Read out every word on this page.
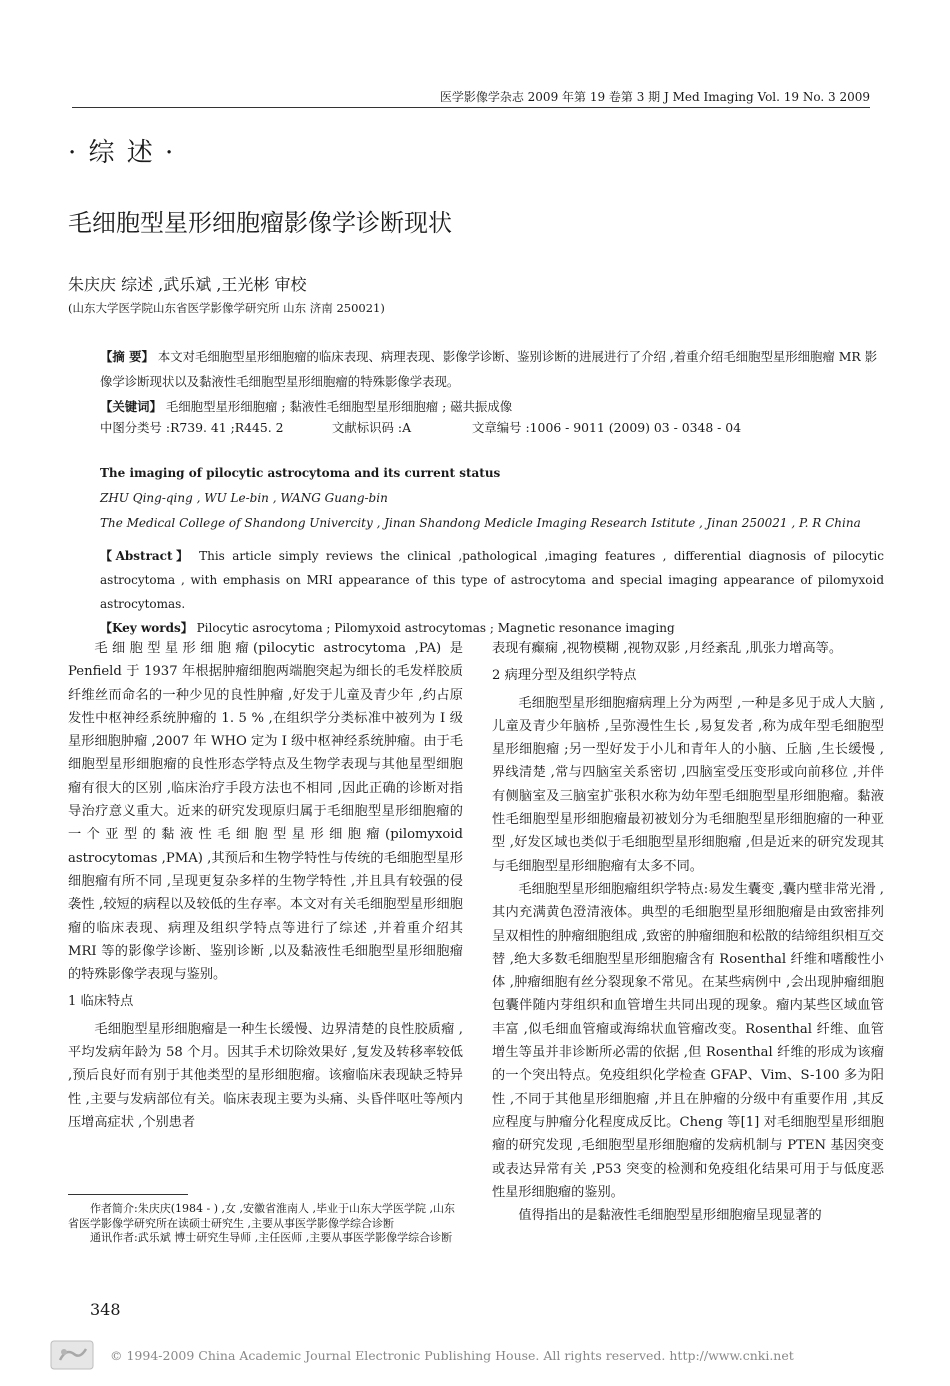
医学影像学杂志 2009 年第 19 卷第 3 期 J Med Imaging Vol. 19 No. 3 2009
· 综 述 ·
毛细胞型星形细胞瘤影像学诊断现状
朱庆庆 综述 ,武乐斌 ,王光彬 审校
(山东大学医学院山东省医学影像学研究所 山东 济南 250021)

【摘 要】 本文对毛细胞型星形细胞瘤的临床表现、病理表现、影像学诊断、鉴别诊断的进展进行了介绍 ,着重介绍毛细胞型星形细胞瘤 MR 影像学诊断现状以及黏液性毛细胞型星形细胞瘤的特殊影像学表现。

【关键词】 毛细胞型星形细胞瘤 ; 黏液性毛细胞型星形细胞瘤 ; 磁共振成像

中图分类号 :R739. 41 ;R445. 2	文献标识码 :A	文章编号 :1006 - 9011 (2009) 03 - 0348 - 04
The imaging of pilocytic astrocytoma and its current status
ZHU Qing-qing , WU Le-bin , WANG Guang-bin
The Medical College of Shandong Univercity , Jinan Shandong Medicle Imaging Research Istitute , Jinan 250021 , P. R China

【Abstract】 This article simply reviews the clinical ,pathological ,imaging features , differential diagnosis of pilocytic astrocytoma , with emphasis on MRI appearance of this type of astrocytoma and special imaging appearance of pilomyxoid astrocytomas.

【Key words】 Pilocytic asrocytoma ; Pilomyxoid astrocytomas ; Magnetic resonance imaging

毛细胞型星形细胞瘤(pilocytic astrocytoma ,PA) 是 Penfield 于 1937 年根据肿瘤细胞两端胞突起为细长的毛发样胶质纤维丝而命名的一种少见的良性肿瘤 ,好发于儿童及青少年 ,约占原发性中枢神经系统肿瘤的 1. 5 % ,在组织学分类标准中被列为 I 级星形细胞肿瘤 ,2007 年 WHO 定为 I 级中枢神经系统肿瘤。由于毛细胞型星形细胞瘤的良性形态学特点及生物学表现与其他星型细胞瘤有很大的区别 ,临床治疗手段方法也不相同 ,因此正确的诊断对指导治疗意义重大。近来的研究发现原归属于毛细胞型星形细胞瘤的一个亚型的黏液性毛细胞型星形细胞瘤(pilomyxoid astrocytomas ,PMA) ,其预后和生物学特性与传统的毛细胞型星形细胞瘤有所不同 ,呈现更复杂多样的生物学特性 ,并且具有较强的侵袭性 ,较短的病程以及较低的生存率。本文对有关毛细胞型星形细胞瘤的临床表现、病理及组织学特点等进行了综述 ,并着重介绍其 MRI 等的影像学诊断、鉴别诊断 ,以及黏液性毛细胞型星形细胞瘤的特殊影像学表现与鉴别。

1 临床特点

毛细胞型星形细胞瘤是一种生长缓慢、边界清楚的良性胶质瘤 ,平均发病年龄为 58 个月。因其手术切除效果好 ,复发及转移率较低 ,预后良好而有别于其他类型的星形细胞瘤。该瘤临床表现缺乏特异性 ,主要与发病部位有关。临床表现主要为头痛、头昏伴呕吐等颅内压增高症状 ,个别患者

作者简介:朱庆庆(1984 - ) ,女 ,安徽省淮南人 ,毕业于山东大学医学院 ,山东省医学影像学研究所在读硕士研究生 ,主要从事医学影像学综合诊断

通讯作者:武乐斌 博士研究生导师 ,主任医师 ,主要从事医学影像学综合诊断

表现有癫痫 ,视物模糊 ,视物双影 ,月经紊乱 ,肌张力增高等。

2 病理分型及组织学特点

毛细胞型星形细胞瘤病理上分为两型 ,一种是多见于成人大脑 ,儿童及青少年脑桥 ,呈弥漫性生长 ,易复发者 ,称为成年型毛细胞型星形细胞瘤 ;另一型好发于小儿和青年人的小脑、丘脑 ,生长缓慢 ,界线清楚 ,常与四脑室关系密切 ,四脑室受压变形或向前移位 ,并伴有侧脑室及三脑室扩张积水称为幼年型毛细胞型星形细胞瘤。黏液性毛细胞型星形细胞瘤最初被划分为毛细胞型星形细胞瘤的一种亚型 ,好发区域也类似于毛细胞型星形细胞瘤 ,但是近来的研究发现其与毛细胞型星形细胞瘤有太多不同。

毛细胞型星形细胞瘤组织学特点:易发生囊变 ,囊内壁非常光滑 ,其内充满黄色澄清液体。典型的毛细胞型星形细胞瘤是由致密排列呈双相性的肿瘤细胞组成 ,致密的肿瘤细胞和松散的结缔组织相互交替 ,绝大多数毛细胞型星形细胞瘤含有 Rosenthal 纤维和嗜酸性小体 ,肿瘤细胞有丝分裂现象不常见。在某些病例中 ,会出现肿瘤细胞包囊伴随内芽组织和血管增生共同出现的现象。瘤内某些区域血管丰富 ,似毛细血管瘤或海绵状血管瘤改变。Rosenthal 纤维、血管增生等虽并非诊断所必需的依据 ,但 Rosenthal 纤维的形成为该瘤的一个突出特点。免疫组织化学检查 GFAP、Vim、S-100 多为阳性 ,不同于其他星形细胞瘤 ,并且在肿瘤的分级中有重要作用 ,其反应程度与肿瘤分化程度成反比。Cheng 等[1] 对毛细胞型星形细胞瘤的研究发现 ,毛细胞型星形细胞瘤的发病机制与 PTEN 基因突变或表达异常有关 ,P53 突变的检测和免疫组化结果可用于与低度恶性星形细胞瘤的鉴别。

值得指出的是黏液性毛细胞型星形细胞瘤呈现显著的

348
© 1994-2009 China Academic Journal Electronic Publishing House. All rights reserved. http://www.cnki.net
